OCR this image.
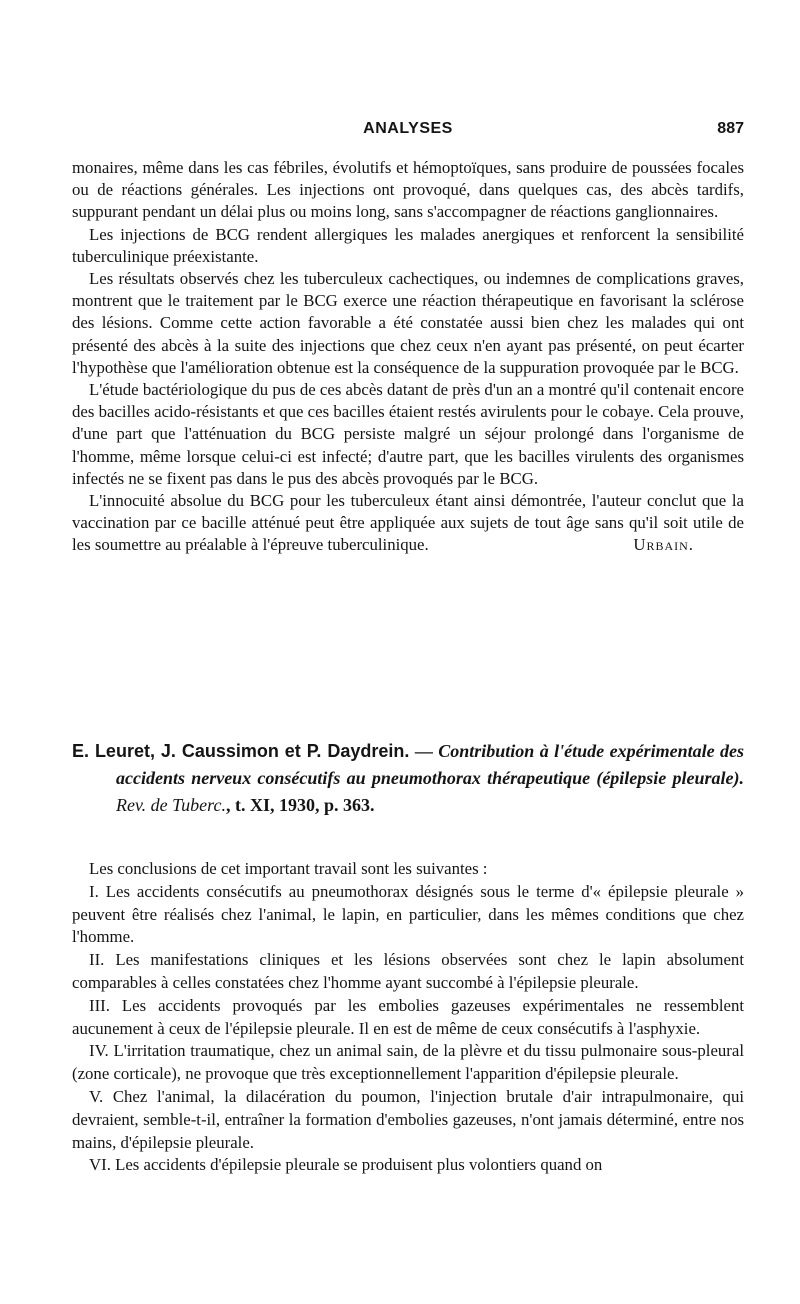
ANALYSES	887

monaires, même dans les cas fébriles, évolutifs et hémoptoïques, sans produire de poussées focales ou de réactions générales. Les injections ont provoqué, dans quelques cas, des abcès tardifs, suppurant pendant un délai plus ou moins long, sans s'accompagner de réactions ganglionnaires.

Les injections de BCG rendent allergiques les malades anergiques et renforcent la sensibilité tuberculinique préexistante.

Les résultats observés chez les tuberculeux cachectiques, ou indemnes de complications graves, montrent que le traitement par le BCG exerce une réaction thérapeutique en favorisant la sclérose des lésions. Comme cette action favorable a été constatée aussi bien chez les malades qui ont présenté des abcès à la suite des injections que chez ceux n'en ayant pas présenté, on peut écarter l'hypothèse que l'amélioration obtenue est la conséquence de la suppuration provoquée par le BCG.

L'étude bactériologique du pus de ces abcès datant de près d'un an a montré qu'il contenait encore des bacilles acido-résistants et que ces bacilles étaient restés avirulents pour le cobaye. Cela prouve, d'une part que l'atténuation du BCG persiste malgré un séjour prolongé dans l'organisme de l'homme, même lorsque celui-ci est infecté; d'autre part, que les bacilles virulents des organismes infectés ne se fixent pas dans le pus des abcès provoqués par le BCG.

L'innocuité absolue du BCG pour les tuberculeux étant ainsi démontrée, l'auteur conclut que la vaccination par ce bacille atténué peut être appliquée aux sujets de tout âge sans qu'il soit utile de les soumettre au préalable à l'épreuve tuberculinique.	Urbain.

E. Leuret, J. Caussimon et P. Daydrein. — Contribution à l'étude expérimentale des accidents nerveux consécutifs au pneumothorax thérapeutique (épilepsie pleurale). Rev. de Tuberc., t. XI, 1930, p. 363.

Les conclusions de cet important travail sont les suivantes :

I. Les accidents consécutifs au pneumothorax désignés sous le terme d'« épilepsie pleurale » peuvent être réalisés chez l'animal, le lapin, en particulier, dans les mêmes conditions que chez l'homme.

II. Les manifestations cliniques et les lésions observées sont chez le lapin absolument comparables à celles constatées chez l'homme ayant succombé à l'épilepsie pleurale.

III. Les accidents provoqués par les embolies gazeuses expérimentales ne ressemblent aucunement à ceux de l'épilepsie pleurale. Il en est de même de ceux consécutifs à l'asphyxie.

IV. L'irritation traumatique, chez un animal sain, de la plèvre et du tissu pulmonaire sous-pleural (zone corticale), ne provoque que très exceptionnellement l'apparition d'épilepsie pleurale.

V. Chez l'animal, la dilacération du poumon, l'injection brutale d'air intrapulmonaire, qui devraient, semble-t-il, entraîner la formation d'embolies gazeuses, n'ont jamais déterminé, entre nos mains, d'épilepsie pleurale.

VI. Les accidents d'épilepsie pleurale se produisent plus volontiers quand on
